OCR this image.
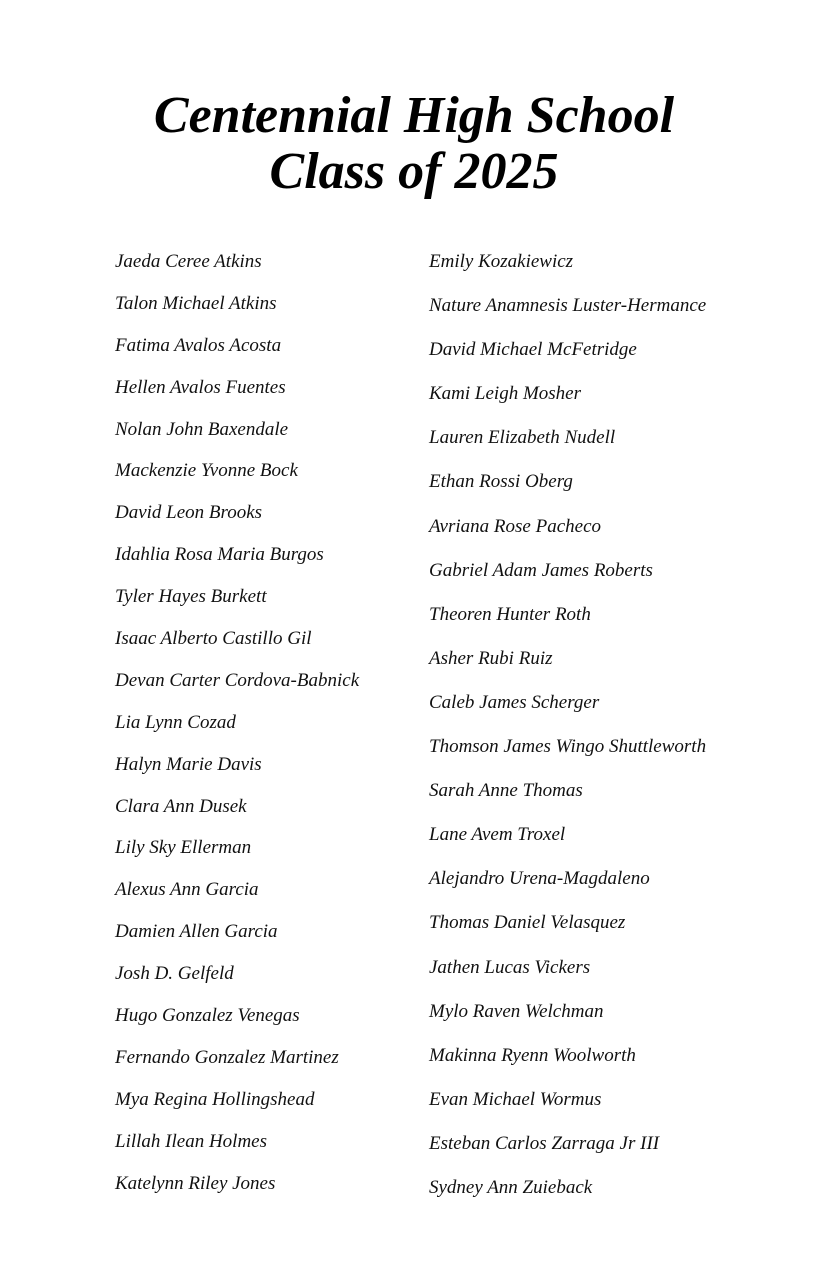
Centennial High School
Class of 2025
Jaeda Ceree Atkins
Talon Michael Atkins
Fatima Avalos Acosta
Hellen Avalos Fuentes
Nolan John Baxendale
Mackenzie Yvonne Bock
David Leon Brooks
Idahlia Rosa Maria Burgos
Tyler Hayes Burkett
Isaac Alberto Castillo Gil
Devan Carter Cordova-Babnick
Lia Lynn Cozad
Halyn Marie Davis
Clara Ann Dusek
Lily Sky Ellerman
Alexus Ann Garcia
Damien Allen Garcia
Josh D. Gelfeld
Hugo Gonzalez Venegas
Fernando Gonzalez Martinez
Mya Regina Hollingshead
Lillah Ilean Holmes
Katelynn Riley Jones
Emily Kozakiewicz
Nature Anamnesis Luster-Hermance
David Michael McFetridge
Kami Leigh Mosher
Lauren Elizabeth Nudell
Ethan Rossi Oberg
Avriana Rose Pacheco
Gabriel Adam James Roberts
Theoren Hunter Roth
Asher Rubi Ruiz
Caleb James Scherger
Thomson James Wingo Shuttleworth
Sarah Anne Thomas
Lane Avem Troxel
Alejandro Urena-Magdaleno
Thomas Daniel Velasquez
Jathen Lucas Vickers
Mylo Raven Welchman
Makinna Ryenn Woolworth
Evan Michael Wormus
Esteban Carlos Zarraga Jr III
Sydney Ann Zuieback
